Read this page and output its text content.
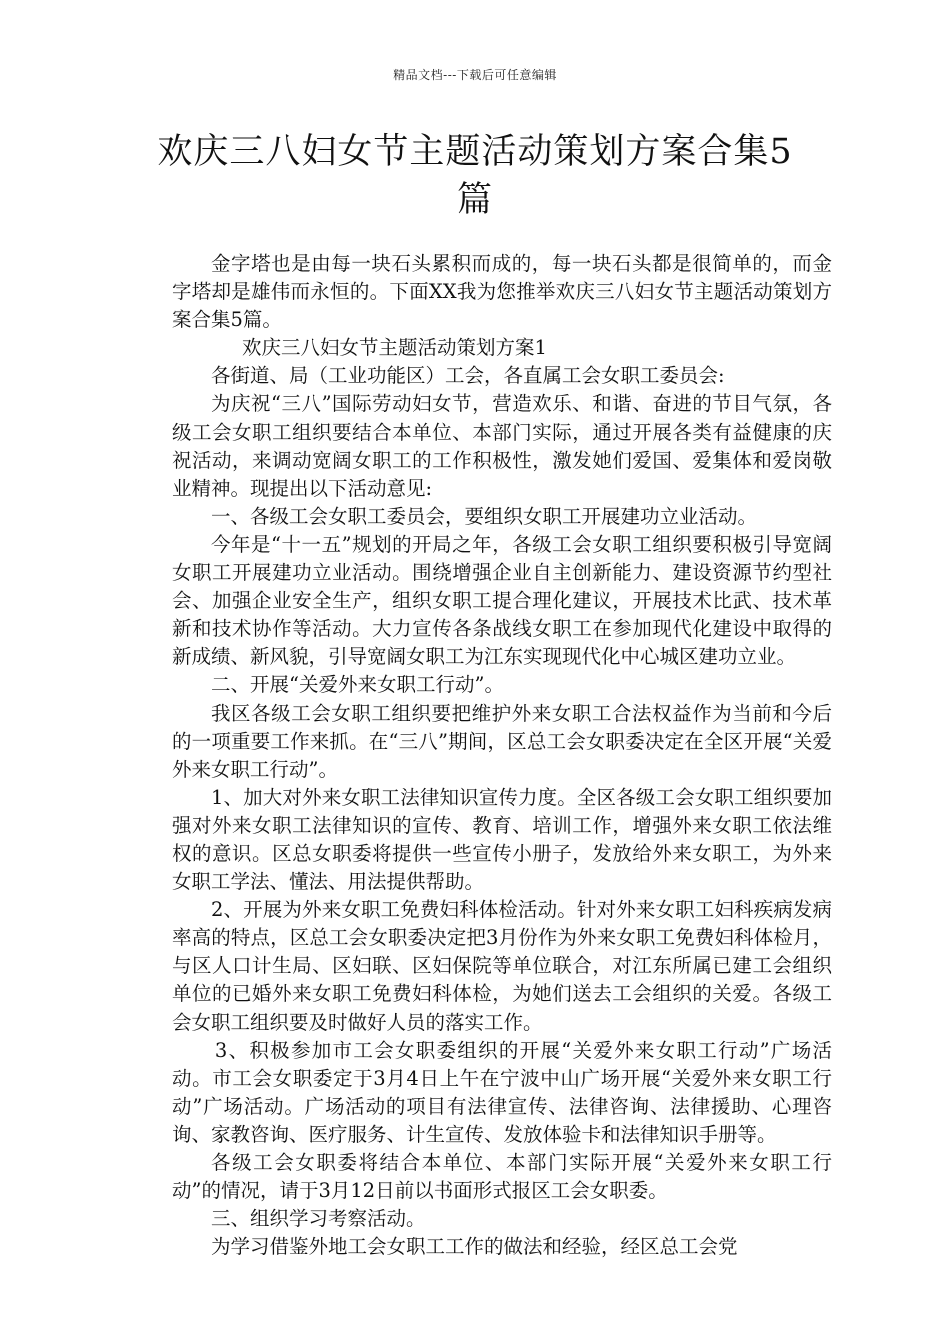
精品文档---下载后可任意编辑
欢庆三八妇女节主题活动策划方案合集5篇

金字塔也是由每一块石头累积而成的，每一块石头都是很简单的，而金字塔却是雄伟而永恒的。下面XX我为您推举欢庆三八妇女节主题活动策划方案合集5篇。

欢庆三八妇女节主题活动策划方案1

各街道、局（工业功能区）工会，各直属工会女职工委员会:

为庆祝“三八”国际劳动妇女节，营造欢乐、和谐、奋进的节目气氛，各级工会女职工组织要结合本单位、本部门实际，通过开展各类有益健康的庆祝活动，来调动宽阔女职工的工作积极性，激发她们爱国、爱集体和爱岗敬业精神。现提出以下活动意见:

一、各级工会女职工委员会，要组织女职工开展建功立业活动。

今年是“十一五”规划的开局之年，各级工会女职工组织要积极引导宽阔女职工开展建功立业活动。围绕增强企业自主创新能力、建设资源节约型社会、加强企业安全生产，组织女职工提合理化建议，开展技术比武、技术革新和技术协作等活动。大力宣传各条战线女职工在参加现代化建设中取得的新成绩、新风貌，引导宽阔女职工为江东实现现代化中心城区建功立业。

二、开展“关爱外来女职工行动”。

我区各级工会女职工组织要把维护外来女职工合法权益作为当前和今后的一项重要工作来抓。在“三八”期间，区总工会女职委决定在全区开展“关爱外来女职工行动”。

1、加大对外来女职工法律知识宣传力度。全区各级工会女职工组织要加强对外来女职工法律知识的宣传、教育、培训工作，增强外来女职工依法维权的意识。区总女职委将提供一些宣传小册子，发放给外来女职工，为外来女职工学法、懂法、用法提供帮助。

2、开展为外来女职工免费妇科体检活动。针对外来女职工妇科疾病发病率高的特点，区总工会女职委决定把3月份作为外来女职工免费妇科体检月，与区人口计生局、区妇联、区妇保院等单位联合，对江东所属已建工会组织单位的已婚外来女职工免费妇科体检，为她们送去工会组织的关爱。各级工会女职工组织要及时做好人员的落实工作。

3、积极参加市工会女职委组织的开展“关爱外来女职工行动”广场活动。市工会女职委定于3月4日上午在宁波中山广场开展“关爱外来女职工行动”广场活动。广场活动的项目有法律宣传、法律咨询、法律援助、心理咨询、家教咨询、医疗服务、计生宣传、发放体验卡和法律知识手册等。

各级工会女职委将结合本单位、本部门实际开展“关爱外来女职工行动”的情况，请于3月12日前以书面形式报区工会女职委。

三、组织学习考察活动。

为学习借鉴外地工会女职工工作的做法和经验，经区总工会党
